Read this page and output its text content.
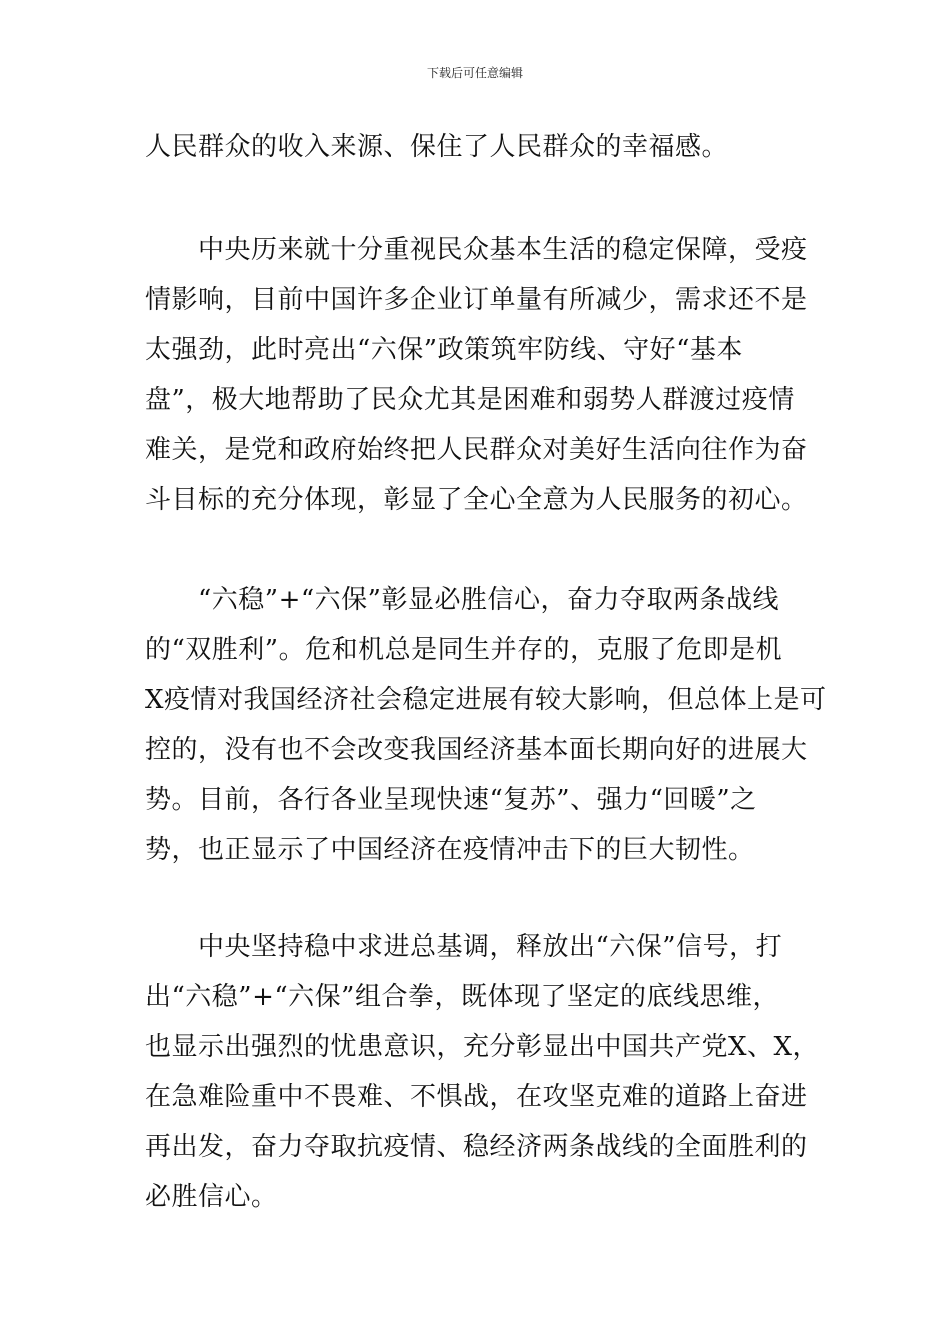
下载后可任意编辑
人民群众的收入来源、保住了人民群众的幸福感。
　　中央历来就十分重视民众基本生活的稳定保障，受疫
情影响，目前中国许多企业订单量有所减少，需求还不是
太强劲，此时亮出“六保”政策筑牢防线、守好“基本
盘”，极大地帮助了民众尤其是困难和弱势人群渡过疫情
难关，是党和政府始终把人民群众对美好生活向往作为奋
斗目标的充分体现，彰显了全心全意为人民服务的初心。
　　“六稳”+“六保”彰显必胜信心，奋力夺取两条战线
的“双胜利”。危和机总是同生并存的，克服了危即是机
X疫情对我国经济社会稳定进展有较大影响，但总体上是可
控的，没有也不会改变我国经济基本面长期向好的进展大
势。目前，各行各业呈现快速“复苏”、强力“回暖”之
势，也正显示了中国经济在疫情冲击下的巨大韧性。
　　中央坚持稳中求进总基调，释放出“六保”信号，打
出“六稳”+“六保”组合拳，既体现了坚定的底线思维，
也显示出强烈的忧患意识，充分彰显出中国共产党X、X，
在急难险重中不畏难、不惧战，在攻坚克难的道路上奋进
再出发，奋力夺取抗疫情、稳经济两条战线的全面胜利的
必胜信心。
